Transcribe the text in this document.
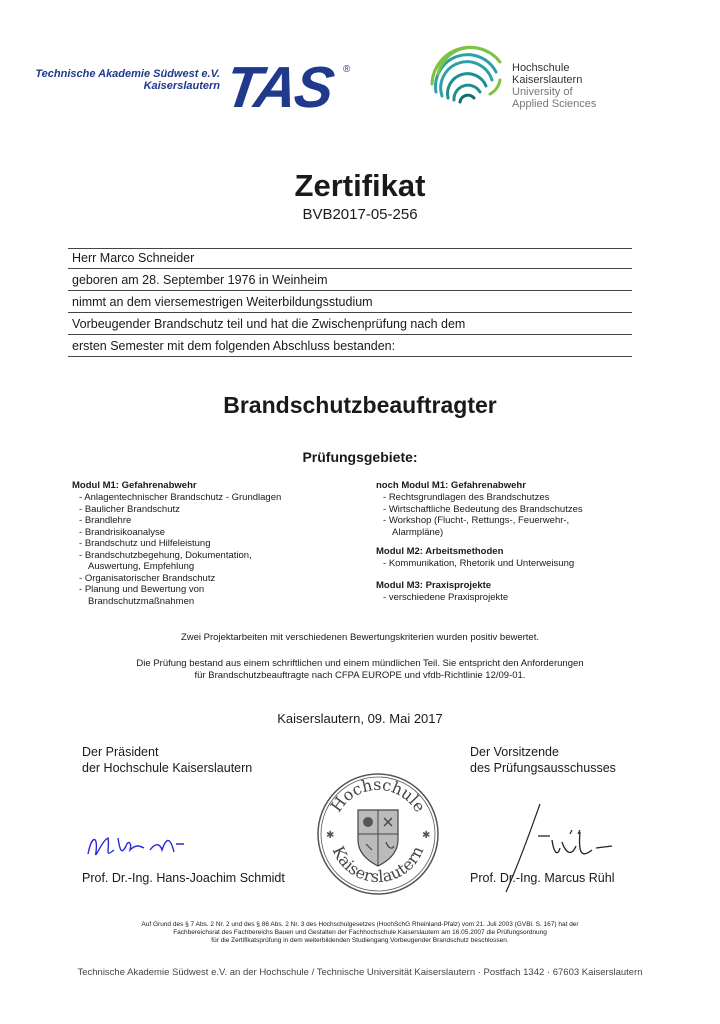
Technische Akademie Südwest e.V.
Kaiserslautern TAS ®	Hochschule
Kaiserslautern
University of
Applied Sciences
Zertifikat
BVB2017-05-256
Herr Marco Schneider
geboren am 28. September 1976 in Weinheim
nimmt an dem viersemestrigen Weiterbildungsstudium
Vorbeugender Brandschutz teil und hat die Zwischenprüfung nach dem
ersten Semester mit dem folgenden Abschluss bestanden:
Brandschutzbeauftragter
Prüfungsgebiete:
Modul M1: Gefahrenabwehr
- Anlagentechnischer Brandschutz - Grundlagen
- Baulicher Brandschutz
- Brandlehre
- Brandrisikoanalyse
- Brandschutz und Hilfeleistung
- Brandschutzbegehung, Dokumentation,
Auswertung, Empfehlung
- Organisatorischer Brandschutz
- Planung und Bewertung von
Brandschutzmaßnahmen
noch Modul M1: Gefahrenabwehr
- Rechtsgrundlagen des Brandschutzes
- Wirtschaftliche Bedeutung des Brandschutzes
- Workshop (Flucht-, Rettungs-, Feuerwehr-,
Alarmpläne)
Modul M2: Arbeitsmethoden
- Kommunikation, Rhetorik und Unterweisung
Modul M3: Praxisprojekte
- verschiedene Praxisprojekte
Zwei Projektarbeiten mit verschiedenen Bewertungskriterien wurden positiv bewertet.
Die Prüfung bestand aus einem schriftlichen und einem mündlichen Teil. Sie entspricht den Anforderungen
für Brandschutzbeauftragte nach CFPA EUROPE und vfdb-Richtlinie 12/09-01.
Kaiserslautern, 09. Mai 2017
Der Präsident
der Hochschule Kaiserslautern
Der Vorsitzende
des Prüfungsausschusses
Prof. Dr.-Ing. Hans-Joachim Schmidt
Hochschule
Kaiserslautern
✱	✱
Prof. Dr.-Ing. Marcus Rühl
Auf Grund des § 7 Abs. 2 Nr. 2 und des § 86 Abs. 2 Nr. 3 des Hochschulgesetzes (HochSchG Rheinland-Pfalz) vom 21. Juli 2003 (GVBl. S. 167) hat der
Fachbereichsrat des Fachbereichs Bauen und Gestalten der Fachhochschule Kaiserslautern am 16.05.2007 die Prüfungsordnung
für die Zertifikatsprüfung in dem weiterbildenden Studiengang Vorbeugender Brandschutz beschlossen.
Technische Akademie Südwest e.V. an der Hochschule / Technische Universität Kaiserslautern · Postfach 1342 · 67603 Kaiserslautern
